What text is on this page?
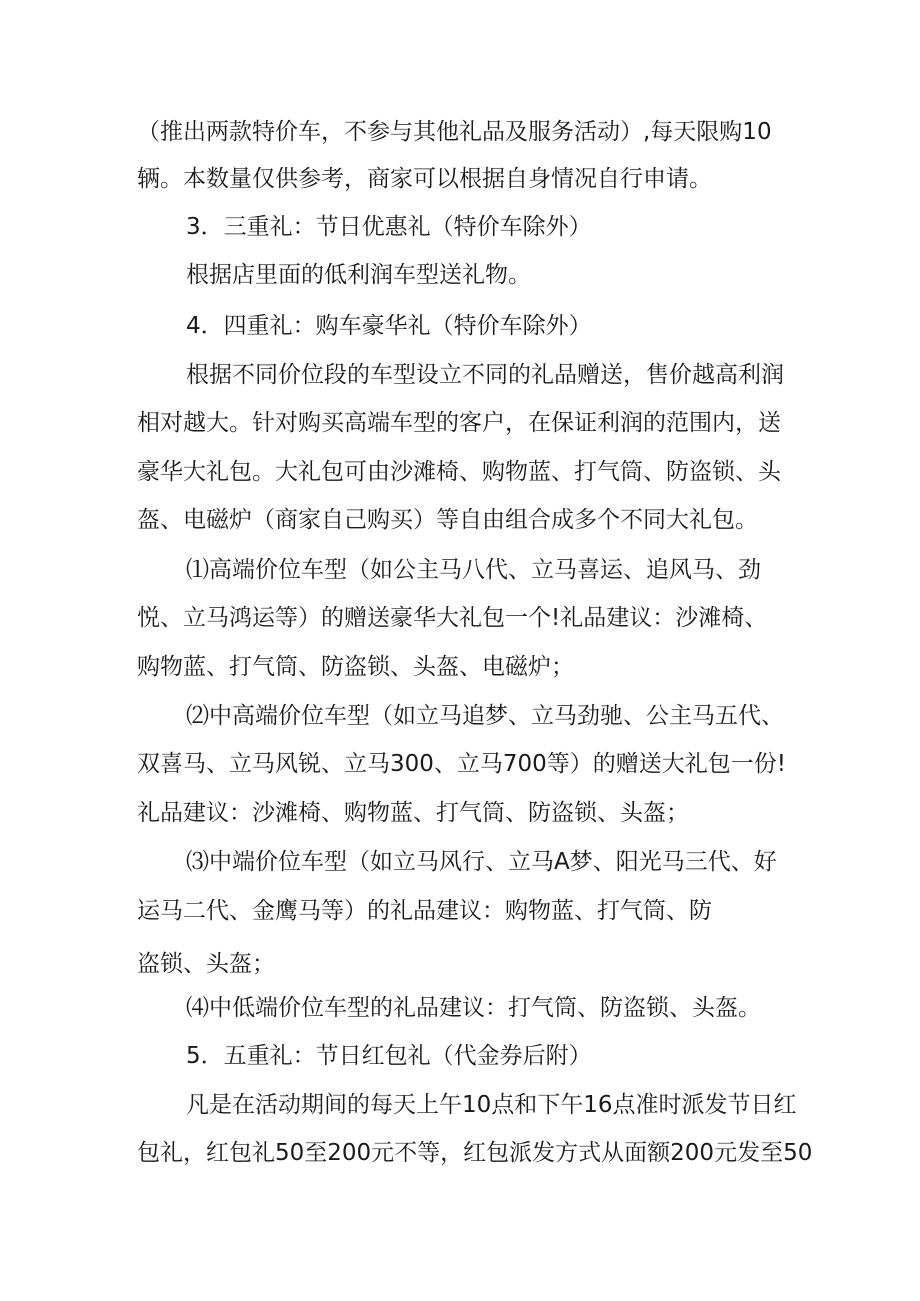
（推出两款特价车，不参与其他礼品及服务活动）,每天限购10
辆。本数量仅供参考，商家可以根据自身情况自行申请。
3．三重礼：节日优惠礼（特价车除外）
根据店里面的低利润车型送礼物。
4．四重礼：购车豪华礼（特价车除外）
根据不同价位段的车型设立不同的礼品赠送，售价越高利润
相对越大。针对购买高端车型的客户，在保证利润的范围内，送
豪华大礼包。大礼包可由沙滩椅、购物蓝、打气筒、防盗锁、头
盔、电磁炉（商家自己购买）等自由组合成多个不同大礼包。
⑴高端价位车型（如公主马八代、立马喜运、追风马、劲
悦、立马鸿运等）的赠送豪华大礼包一个!礼品建议：沙滩椅、
购物蓝、打气筒、防盗锁、头盔、电磁炉；
⑵中高端价位车型（如立马追梦、立马劲驰、公主马五代、
双喜马、立马风锐、立马300、立马700等）的赠送大礼包一份!
礼品建议：沙滩椅、购物蓝、打气筒、防盗锁、头盔；
⑶中端价位车型（如立马风行、立马A梦、阳光马三代、好
运马二代、金鹰马等）的礼品建议：购物蓝、打气筒、防
盗锁、头盔；
⑷中低端价位车型的礼品建议：打气筒、防盗锁、头盔。
5．五重礼：节日红包礼（代金券后附）
凡是在活动期间的每天上午10点和下午16点准时派发节日红
包礼，红包礼50至200元不等，红包派发方式从面额200元发至50
